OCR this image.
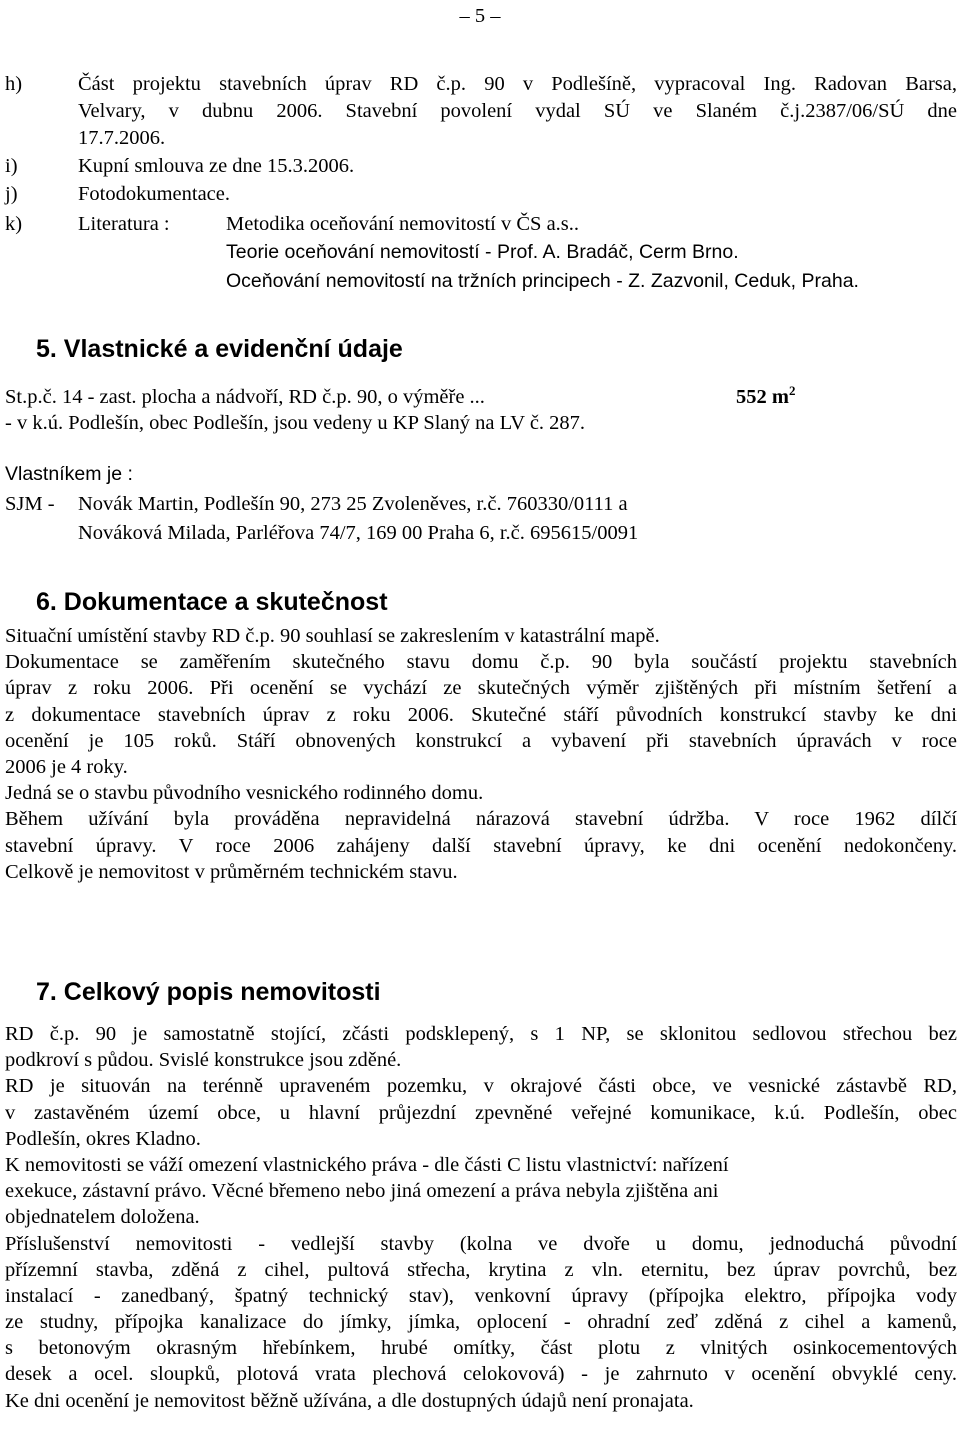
– 5 –
h)	Část projektu stavebních úprav RD č.p. 90 v Podlešíně, vypracoval Ing. Radovan Barsa,
Velvary, v dubnu 2006. Stavební povolení vydal SÚ ve Slaném č.j.2387/06/SÚ dne
17.7.2006.
i)	Kupní smlouva ze dne 15.3.2006.
j)	Fotodokumentace.
k)	Literatura :	Metodika oceňování nemovitostí v ČS a.s..
Teorie oceňování nemovitostí - Prof. A. Bradáč, Cerm Brno.
Oceňování nemovitostí na tržních principech - Z. Zazvonil, Ceduk, Praha.
5. Vlastnické a evidenční údaje
St.p.č. 14 - zast. plocha a nádvoří, RD č.p. 90, o výměře ...	552 $m^2$
- v k.ú. Podlešín, obec Podlešín, jsou vedeny u KP Slaný na LV č. 287.
Vlastníkem je :
SJM - Novák Martin, Podlešín 90, 273 25 Zvoleněves, r.č. 760330/0111 a
Nováková Milada, Parléřova 74/7, 169 00 Praha 6, r.č. 695615/0091
6. Dokumentace a skutečnost
Situační umístění stavby RD č.p. 90 souhlasí se zakreslením v katastrální mapě.
Dokumentace se zaměřením skutečného stavu domu č.p. 90 byla součástí projektu stavebních
úprav z roku 2006. Při ocenění se vychází ze skutečných výměr zjištěných při místním šetření a
z dokumentace stavebních úprav z roku 2006. Skutečné stáří původních konstrukcí stavby ke dni
ocenění je 105 roků. Stáří obnovených konstrukcí a vybavení při stavebních úpravách v roce
2006 je 4 roky.
Jedná se o stavbu původního vesnického rodinného domu.
Během užívání byla prováděna nepravidelná nárazová stavební údržba. V roce 1962 dílčí
stavební úpravy. V roce 2006 zahájeny další stavební úpravy, ke dni ocenění nedokončeny.
Celkově je nemovitost v průměrném technickém stavu.
7. Celkový popis nemovitosti
RD č.p. 90 je samostatně stojící, zčásti podsklepený, s 1 NP, se sklonitou sedlovou střechou bez
podkroví s půdou. Svislé konstrukce jsou zděné.
RD je situován na terénně upraveném pozemku, v okrajové části obce, ve vesnické zástavbě RD,
v zastavěném území obce, u hlavní průjezdní zpevněné veřejné komunikace, k.ú. Podlešín, obec
Podlešín, okres Kladno.
K nemovitosti se váží omezení vlastnického práva - dle části C listu vlastnictví: nařízení
exekuce, zástavní právo. Věcné břemeno nebo jiná omezení a práva nebyla zjištěna ani
objednatelem doložena.
Příslušenství nemovitosti - vedlejší stavby (kolna ve dvoře u domu, jednoduchá původní
přízemní stavba, zděná z cihel, pultová střecha, krytina z vln. eternitu, bez úprav povrchů, bez
instalací - zanedbaný, špatný technický stav), venkovní úpravy (přípojka elektro, přípojka vody
ze studny, přípojka kanalizace do jímky, jímka, oplocení - ohradní zeď zděná z cihel a kamenů,
s betonovým okrasným hřebínkem, hrubé omítky, část plotu z vlnitých osinkocementových
desek a ocel. sloupků, plotová vrata plechová celokovová) - je zahrnuto v ocenění obvyklé ceny.
Ke dni ocenění je nemovitost běžně užívána, a dle dostupných údajů není pronajata.
